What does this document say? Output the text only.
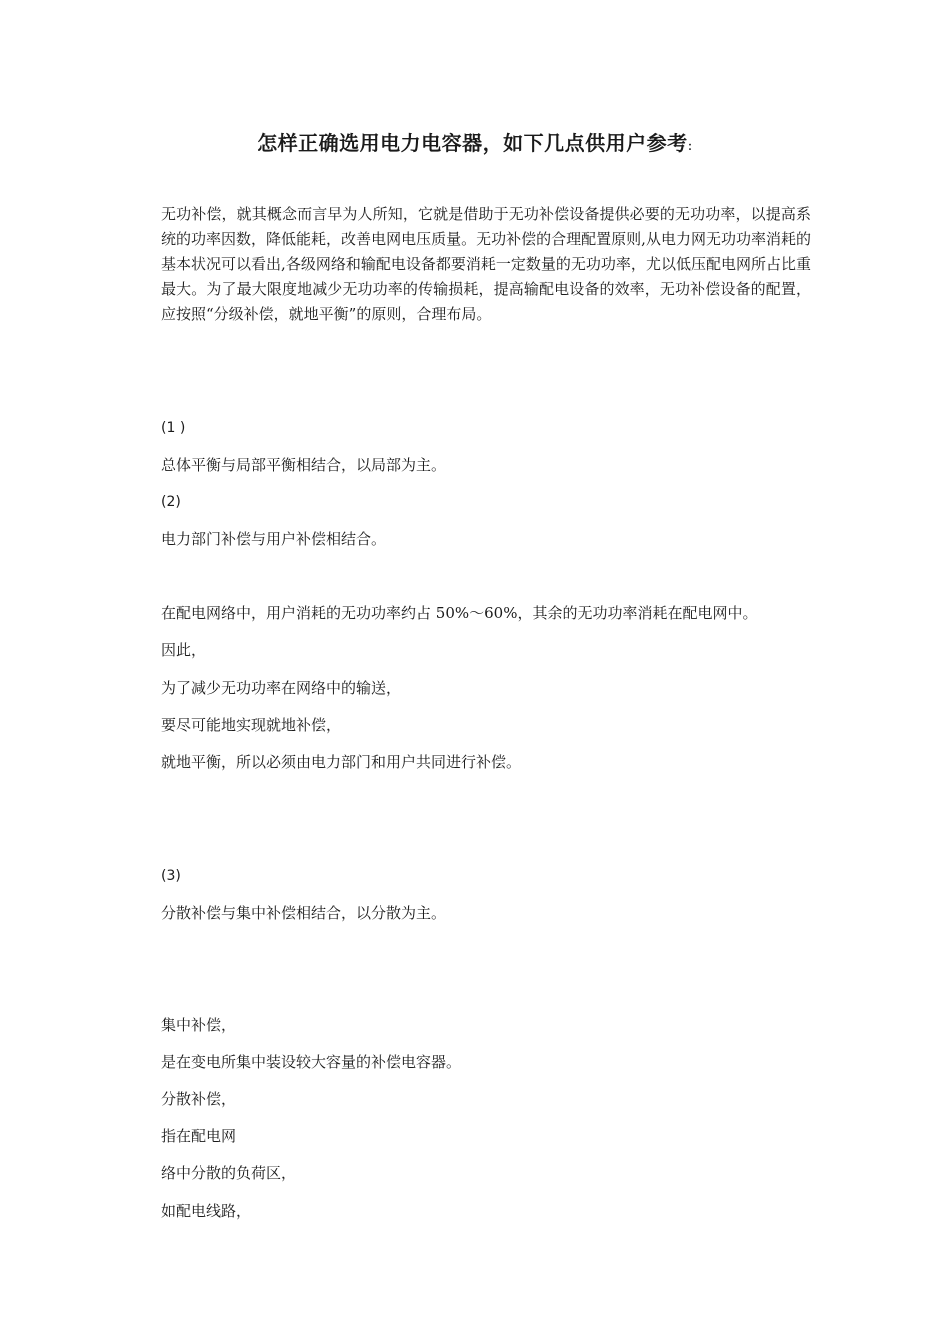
怎样正确选用电力电容器，如下几点供用户参考:

无功补偿，就其概念而言早为人所知，它就是借助于无功补偿设备提供必要的无功功率，以提高系统的功率因数，降低能耗，改善电网电压质量。无功补偿的合理配置原则,从电力网无功功率消耗的基本状况可以看出,各级网络和输配电设备都要消耗一定数量的无功功率，尤以低压配电网所占比重最大。为了最大限度地减少无功功率的传输损耗，提高输配电设备的效率，无功补偿设备的配置，应按照“分级补偿，就地平衡”的原则，合理布局。

(1 )

总体平衡与局部平衡相结合，以局部为主。

(2)

电力部门补偿与用户补偿相结合。

在配电网络中，用户消耗的无功功率约占 50%～60%，其余的无功功率消耗在配电网中。

因此，

为了减少无功功率在网络中的输送，

要尽可能地实现就地补偿，

就地平衡，所以必须由电力部门和用户共同进行补偿。

(3)

分散补偿与集中补偿相结合，以分散为主。

集中补偿，

是在变电所集中装设较大容量的补偿电容器。

分散补偿，

指在配电网

络中分散的负荷区，

如配电线路，
